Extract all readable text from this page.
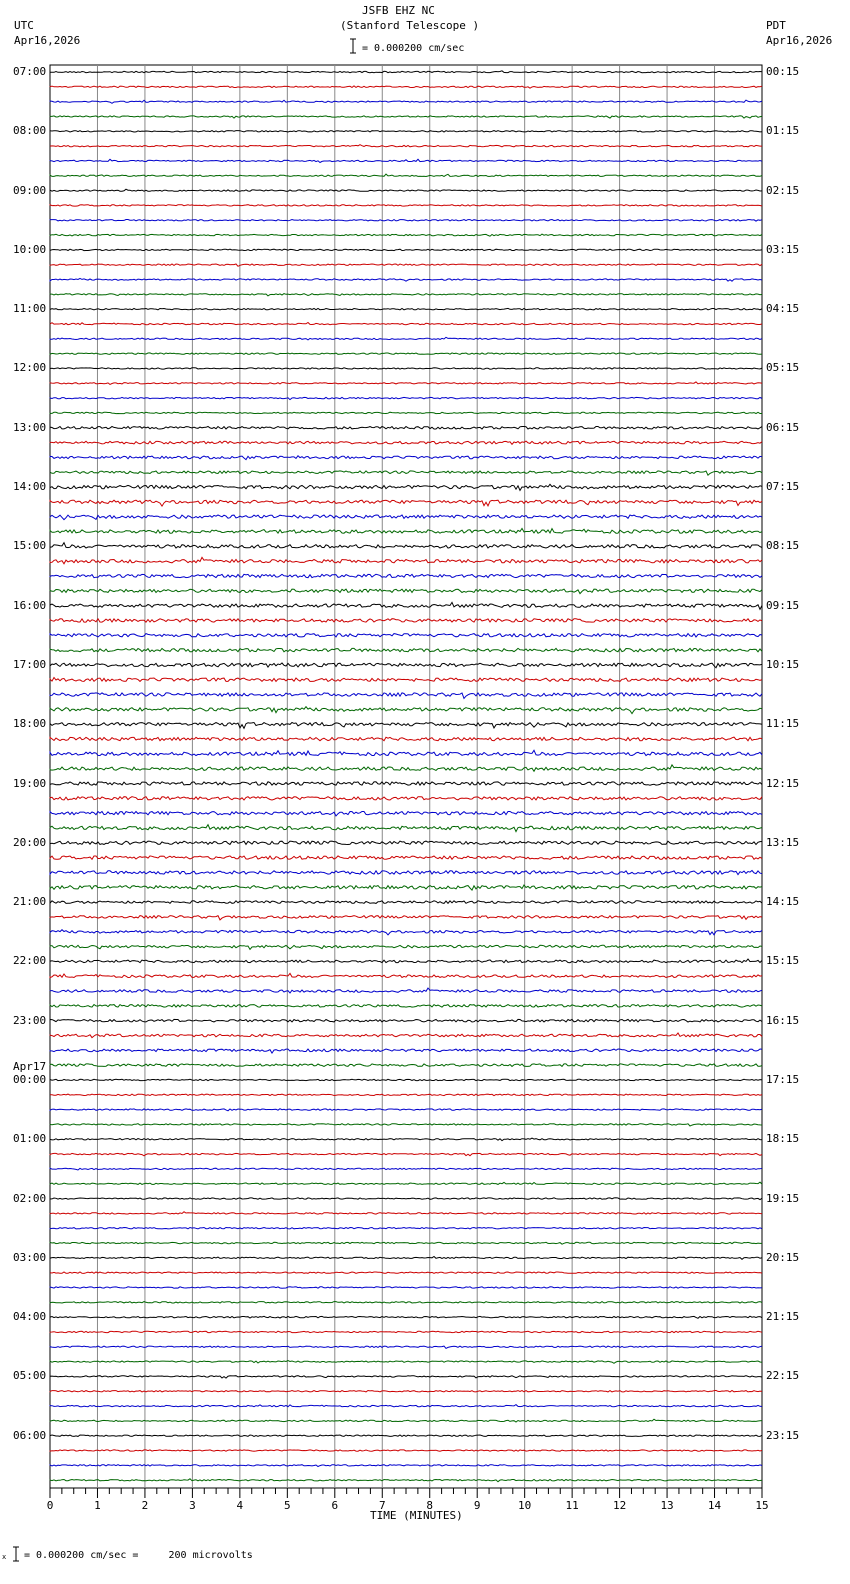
JSFB EHZ NC
(Stanford Telescope )
UTC
Apr16,2026
PDT
Apr16,2026
= 0.000200 cm/sec
0	1	2	3	4	5	6	7	8	9	10	11	12	13	14	15
07:00
08:00
09:00
10:00
11:00
12:00
13:00
14:00
15:00
16:00
17:00
18:00
19:00
20:00
21:00
22:00
23:00
00:00
01:00
02:00
03:00
04:00
05:00
06:00
00:15
01:15
02:15
03:15
04:15
05:15
06:15
07:15
08:15
09:15
10:15
11:15
12:15
13:15
14:15
15:15
16:15
17:15
18:15
19:15
20:15
21:15
22:15
23:15
Apr17
TIME (MINUTES)
x = 0.000200 cm/sec =     200 microvolts
